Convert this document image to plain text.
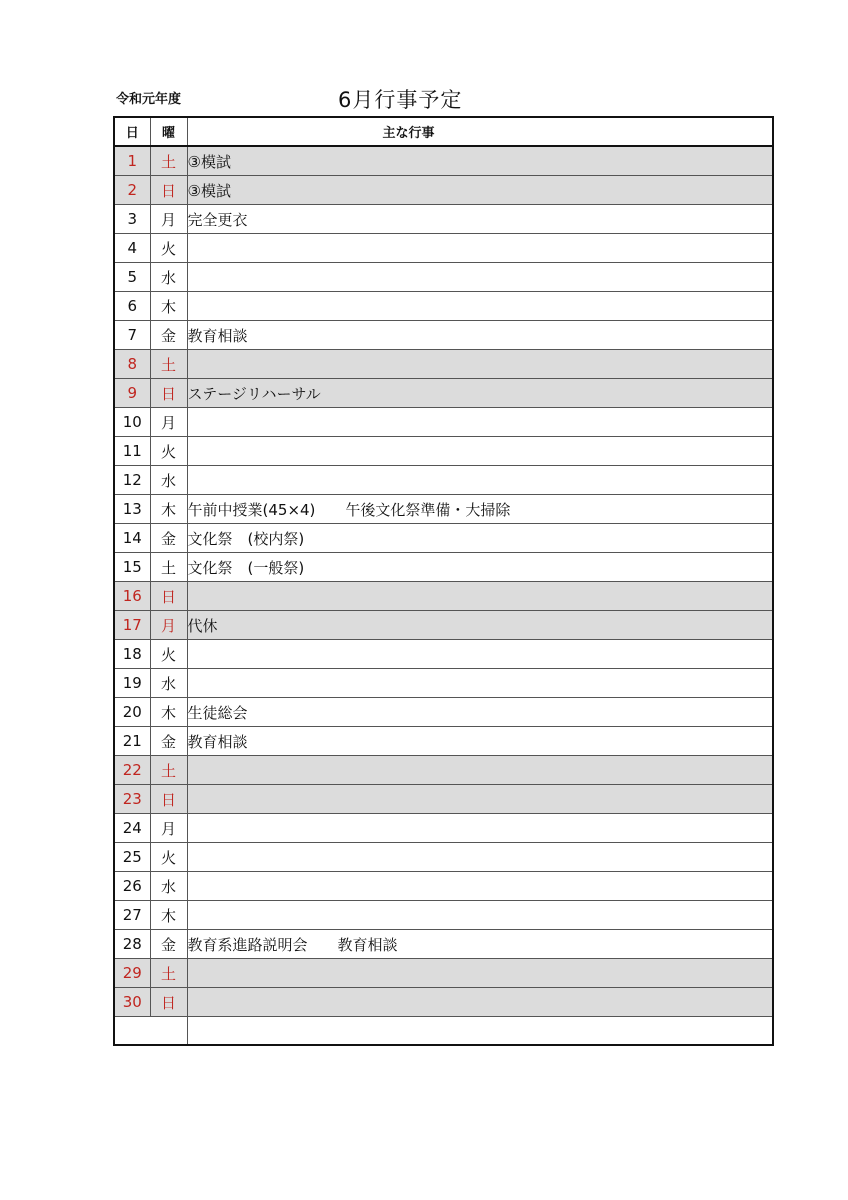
令和元年度	6月行事予定
日	曜	主な行事
1	土	③模試
2	日	③模試
3	月	完全更衣
4	火	
5	水	
6	木	
7	金	教育相談
8	土	
9	日	ステージリハーサル
10	月	
11	火	
12	水	
13	木	午前中授業(45×4)　　午後文化祭準備・大掃除
14	金	文化祭　(校内祭)
15	土	文化祭　(一般祭)
16	日	
17	月	代休
18	火	
19	水	
20	木	生徒総会
21	金	教育相談
22	土	
23	日	
24	月	
25	火	
26	水	
27	木	
28	金	教育系進路説明会　　教育相談
29	土	
30	日	
